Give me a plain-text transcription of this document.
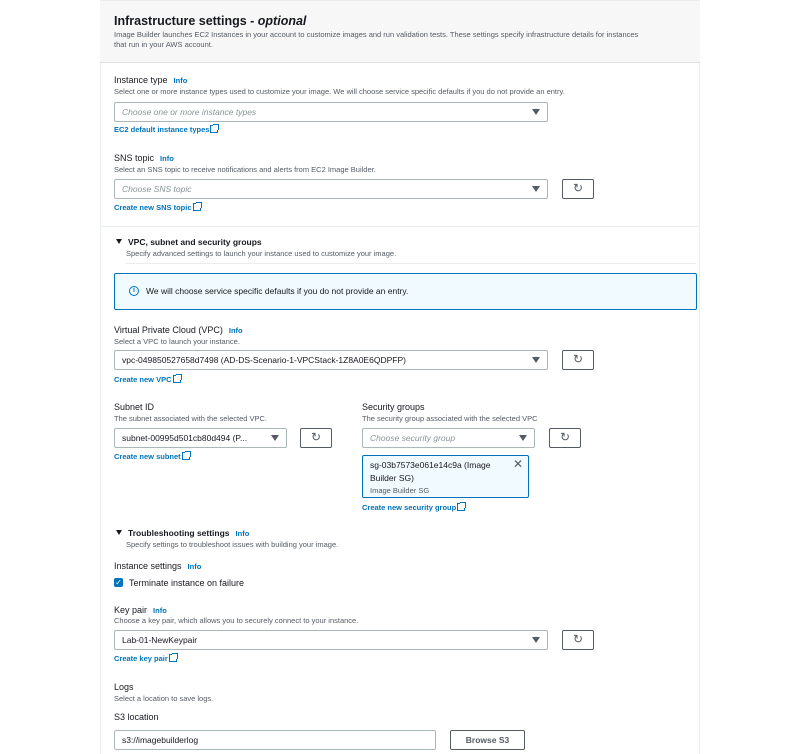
Infrastructure settings - optional
Image Builder launches EC2 Instances in your account to customize images and run validation tests. These settings specify infrastructure details for instances
that run in your AWS account.
Instance type Info
Select one or more instance types used to customize your image. We will choose service specific defaults if you do not provide an entry.
Choose one or more instance types
EC2 default instance types
SNS topic Info
Select an SNS topic to receive notifications and alerts from EC2 Image Builder.
Choose SNS topic	↻
Create new SNS topic
VPC, subnet and security groups
Specify advanced settings to launch your instance used to customize your image.
i	We will choose service specific defaults if you do not provide an entry.
Virtual Private Cloud (VPC) Info
Select a VPC to launch your instance.
vpc-049850527658d7498 (AD-DS-Scenario-1-VPCStack-1Z8A0E6QDPFP)	↻
Create new VPC
Subnet ID
The subnet associated with the selected VPC.
subnet-00995d501cb80d494 (P...	↻
Create new subnet
Security groups
The security group associated with the selected VPC
Choose security group	↻
sg-03b7573e061e14c9a (Image
Builder SG)
Image Builder SG
✕
Create new security group
Troubleshooting settings Info
Specify settings to troubleshoot issues with building your image.
Instance settings Info
✓ Terminate instance on failure
Key pair Info
Choose a key pair, which allows you to securely connect to your instance.
Lab-01-NewKeypair	↻
Create key pair
Logs
Select a location to save logs.
S3 location
s3://imagebuilderlog	Browse S3
